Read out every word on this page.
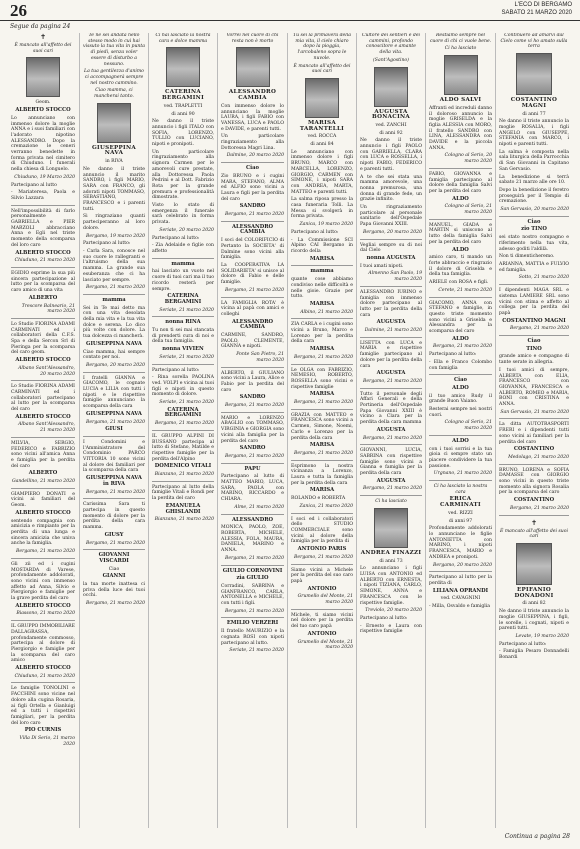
26	L'ECO DI BERGAMO
SABATO 21 MARZO 2020
Segue da pagina 24

✝

È mancato all'affetto dei suoi cari

Geom.

ALBERTO STOCCO

Lo annunciano con immenso dolore la moglie ANNA e i suoi familiari con l'adorato nipotino ALESSANDRO. Dopo la cremazione le ceneri verranno benedette in forma privata nel cimitero di Chiuduno. I funerali nella chiesa di Longuelo.

Chiuduno, 19 Marzo 2020

Partecipano al lutto

- Mariateresa, Paola e Silvio Lazzara

Nell'impossibilità di farlo personalmente GABRIELLA e PIER MARZOLI abbracciano Anna e Egli nel triste momento della scomparsa del loro caro

ALBERTO STOCCO

Chiuduno, 21 marzo 2020

EGIDIO esprime la sua più sincera partecipazione al lutto per la scomparsa del caro amico di una vita

ALBERTO

Trescore Balneario, 21 marzo 2020

Lo Studio FIORINA ADAMI CARMINATI ed i collaboratori della C.F.S. Spa e della Sercon Srl di Pieringa per la scomparsa del caro geom.

ALBERTO STOCCO

Albano Sant'Alessandro, 20 marzo 2020

Lo Studio FIORINA ADAMI CARMINATI ed i collaboratori partecipano al lutto per la scomparsa del caro

ALBERTO STOCCO

Albano Sant'Alessandro, 21 marzo 2020

MILVIA, SERGIO, FEDERICO e FABRIZIO sono vicini all'amica Anna e famiglia per la perdita del caro

ALBERTO

Gandellino, 21 marzo 2020

GIAMPIERO DONATI e vicini ai familiari del Geom.

ALBERTO STOCCO

sentendo compagnia con amicizia e rimpianto per la perdita di una lunga e sincera amicizia che univa anche la famiglia.

Bergamo, 21 marzo 2020

Gli zii ed i cugini MOSTARDA di Varese, profondamente addolorati, sono vicini con immenso affetto ad Anna, Silvio e Piergiorgio e famiglie per la grave perdita del caro

ALBERTO STOCCO

Biassono, 21 marzo 2020

IL GRUPPO IMMOBILIARE DALLAGRASSA, profondamente commosso, partecipa al dolore di Piergiorgio e famiglie per la scomparsa del caro amico

ALBERTO STOCCO

Chiuduno, 21 marzo 2020

Le famiglie TONOLINI e FACCHINI sono vicine nel dolore alla cugina Rosaria, ai figli Ortella e Gianluigi ed a tutti i rispettivi famigliari, per la perdita del loro caro

PIO CURNIS

Villa Di Serio, 21 marzo 2020

Te ne sei andata nello stesso modo in cui hai vissuto la tua vita in punta di piedi, senza voler essere di disturbo a nessuno.

La tua gentilezza d'animo ci accompagnerà sempre nel nostro cammino.

Ciao mamma, ci mancherai tanto.

GIUSEPPINA NAVA

in RIVA

Ne danno il triste annuncio il marito SANDRO, i figli MARIO, SARA con FRANCO, gli adorati nipoti TOMMASO, SEBASTIANO, FRANCESCO e i parenti tutti.

Si ringraziano quanti parteciperanno al loro dolore.

Bergamo, 19 marzo 2020

Partecipano al lutto:

- Carla Sara, conosce nel suo cuore le rallegranti e l'altruismo della sua mamma. La grande sua esuberanza che ci ha lasciato per sempre.

Bergamo, 21 marzo 2020

mamma

Sei in Te mai detto ma con una vita desolata della mia vita e la tua vita dolce e serena. Lo dico più volte con dolore. La tua dolcezza ci mancherà.

GIUSEPPINA NAVA

Ciao mamma, hai sempre contato per noi.

Bergamo, 20 marzo 2020

I fratelli GIANNA e GIACOMO, le cognate LUCIA e LILIA con tutti i nipoti e le rispettive famiglie annunciano la scomparsa della cara

GIUSEPPINA NAVA

Bergamo, 21 marzo 2020

GIUSI

I Condomini e l'Amministratore del Condominio PARCO VITTORIA 10 sono vicini al dolore dei familiari per la scomparsa della cara

GIUSEPPINA NAVA in RIVA

Bergamo, 21 marzo 2020

Carissima Sara ti partecipa in questo momento di dolore per la perdita della cara mamma.

GIUSY

Bergamo, 21 marzo 2020

GIOVANNI VISCARDI

Ciao

GIANNI

la tua morte inattesa ci priva della luce dei tuoi occhi.

Bergamo, 21 marzo 2020

Ci hai lasciato la nostra cara e dolce mamma

CATERINA BERGAMINI

ved. TRAPLETTI

di anni 90

Ne danno il triste annuncio i figli ITALO con SOFIA, LORENZO, TULLIO con LUCIANO, nipoti e pronipoti.

Un particolare ringraziamento alla signora Carmen per le amorevoli cure prestate, alla Dottoressa Paola Pedrini e al Dott. Fabrizio Rota per la grande premura e professionalità dimostrate.

Visto lo stato di emergenza il funerale sarà celebrato in forma privata.

Seriate, 20 marzo 2020

Partecipano al lutto:

- Zia Adelaide e figlie con affetto

mamma

hai lasciato un vuoto nel cuore di tuoi cari ma il tuo ricordo resterà per sempre.

CATERINA BERGAMINI

Seriate, 21 marzo 2020

nonna RINA

Tu non ti sei mai stancata di prenderti cura di noi e della tua famiglia.

nonna VIVIEN

Seriate, 21 marzo 2020

Partecipano al lutto:

- Rina sorella PAOLINA ved. VOLPI e vicina ai tuoi figli e nipoti in questo momento di dolore.

Seriate, 21 marzo 2020

CATERINA BERGAMINI

Bergamo, 21 marzo 2020

IL GRUPPO ALPINI DI BUSSANO partecipa al lutto di Stefano, Matilde e rispettive famiglie per la perdita dell'Alpino

DOMENICO VITALI

Bianzano, 21 marzo 2020

Partecipano al lutto della famiglie Vitali e Rondi per la perdita del caro

EMANUELA GHISLANDI

Bianzano, 21 marzo 2020

Vorrei nel cuore di chi resta non è morto

ALESSANDRO CAMBIA

Con immenso dolore lo annunciano la moglie LAURA, i figli FABIO con VANESSA, LUCA e PAOLO e DAVIDE, e parenti tutti.

Un particolare ringraziamento alla Dottoressa Magri Lina.

Dalmine, 20 marzo 2020

Ciao

Zio BRUNO e i cugini MARA, STEFANO, ALMA ed ALFIO sono vicini a Laura e figli per la perdita del caro

SANDRO

Bergamo, 21 marzo 2020

ALESSANDRO CAMBIA

I soci del COLORIFICIO di Pertanto la SOCIETA' di Dalmine sono vicini alla famiglia.

La COOPERATIVA LA SOLIDARIETA' si unisce al dolore di Fabio e delle famiglie.

Bergamo, 21 marzo 2020

LA FAMIGLIA ROTA' è vicina al papà con amici e colleghi

ALESSANDRO CAMBIA

CARMINE, SANDRO, PAOLO, CLEMENTE, GIANNA e nipoti.

Ponte San Pietro, 21 marzo 2020

ALBERTO, il GIULIANO sono vicini a Laura, Alice e Fabio per la perdita del caro

SANDRO

Bergamo, 21 marzo 2020

MARIO e LORENZO ABAGLIO con TOMMASO, VIRGINIA e GIORGIA sono vicini alla famiglia per la perdita del caro

SANDRO

Bergamo, 21 marzo 2020

PAPU

Partecipano al lutto di MATTEO MARIO, LUCA, SARA, PAOLA con MARINO, RICCARDO e CHIARA.

Alme, 21 marzo 2020

ALESSANDRO

MONICA, PAOLO, ZOE, ROBERTA, MICHELE, ALESSIA, FOLA, MAURA, DANIELA, MARINO e ANNA.

Bergamo, 21 marzo 2020

GIULIO CORNOVINI

zia GIULIO

Corradini, SABRINA e GIANFRANCO, CARLA, ANTONELLA e MICHELE, con tutti i figli.

Bergamo, 21 marzo 2020

EMILIO VERZERI

Il fratello MAURIZIO e la cognata ROSI con nipoti partecipano al lutto.

Seriate, 21 marzo 2020

Tu sei la primavera della mia vita, il cielo chiaro dopo la pioggia, l'arcobaleno sopra le nuvole.

È mancato all'affetto dei suoi cari

MARISA TARANTELLI

ved. ROCCA

di anni 84

Le annunciano con immenso dolore i figli BRUNO, MARCO con MARCELLA, LORENZO, GIORGIO, CARMEN con SIMONE, i nipoti SARA con ANDREA, MARTA, MATTEO e parenti tutti.

La salma riposa presso la casa funeraria Tolli. La Messa si svolgerà in forma privata.

Zanica, 19 marzo 2020

Partecipano al lutto:

- La Commissione SCI Alpino CAI Bergamo in ricordo della

MARISA

mamma

quante cose abbiamo condiviso nelle difficoltà e nelle gioie. Grazie per tutto.

MARISA

Albino, 21 marzo 2020

ZIA CARLA e i cugini sono vicini a Bruno, Marco e Lorenzo per la perdita della cara

MARISA

Bergamo, 21 marzo 2020

Le OLGA con FABRIZIO, NEMESIO, ROBERTO, ROSSELLA sono vicini e rispettive famiglie

MARISA

Bergamo, 21 marzo 2020

GRAZIA con MATTEO e FRANCESCA sono vicini a Carmen, Simone, Noemi, Carlo e Lorenzo per la perdita della cara

MARISA

Bergamo, 21 marzo 2020

Esprimono la nostra vicinanza a Lorenzo, Laura e tutta la famiglia per la perdita della cara

MARISA

ROLANDO e ROBERTA

Zanica, 21 marzo 2020

I soci ed i collaboratori dello STUDIO COMMERCIALE sono vicini al dolore della famiglia per la perdita di

ANTONIO PARIS

Bergamo, 21 marzo 2020

Siamo vicini a Michele per la perdita del suo caro papà

ANTONIO

Grumello del Monte, 21 marzo 2020

Michele, ti siamo vicini nel dolore per la perdita del tuo caro papà

ANTONIO

Grumello del Monte, 21 marzo 2020

Cultore dei sentieri e dei cammini, profondo conoscitore e amante della vita.

(Sant'Agostino)

AUGUSTA BONACINA

ved. ZANCHI

di anni 92

Ne danno il triste annuncio i figli PAOLO con GABRIELLA, CLARA con LUCA e ROSSELLA, i nipoti FABIO, FEDERICO e parenti tutti.

A te che sei stata una mamma amorevole, una nonna premurosa, una donna di grande fede, un grazie infinito.

Un ringraziamento particolare al personale sanitario dell'Ospedale Papa Giovanni XXIII.

Bergamo, 20 marzo 2020

Vegliai sempre su di noi dal Cielo

nonna AUGUSTA

I tuoi amati nipoti.

Almenno San Paolo, 19 marzo 2020

ALESSANDRO IURINO e famiglia con immenso dolore partecipano al lutto per la perdita della cara

AUGUSTA

Dalmine, 21 marzo 2020

LISETTA con LUCA e MARIA e rispettive famiglie partecipano al dolore per la perdita della cara

AUGUSTA

Bergamo, 21 marzo 2020

Tutto il personale degli Affari Generali e della Portineria dell'Ospedale Papa Giovanni XXIII è vicino a Clara per la perdita della cara mamma

AUGUSTA

Bergamo, 21 marzo 2020

GIOVANNI, LUCIA, SABRINA con rispettive famiglie sono vicini a Gianna e famiglia per la perdita della cara

AUGUSTA

Bergamo, 21 marzo 2020

Ci ha lasciato

ANDREA FINAZZI

di anni 73

Lo annunciano i figli LUISA con ANTONIO ed ALBERTO con ERNESTA, i nipoti TIZIANA, CARLO, SIMONE, ANNA e FRANCESCA con le rispettive famiglie.

Treviolo, 20 marzo 2020

Partecipano al lutto:

- Ernesto e Laura con rispettive famiglie

Restiamo sempre nel cuore di chi ci vuole bene.

Ci ha lasciato

ALDO SALVI

Affranti ed increduli danno il doloroso annuncio la moglie GRISELDA e la figlia ALESSIA con MORO, il fratello SANDRO con LINA, ALESSANDRA con DAVIDE e la piccola ANNA.

Cologno al Serio, 20 marzo 2020

FABIO, GIOVANNA e famiglia partecipano al dolore della famiglia Salvi per la perdita del caro

ALDO

Cologno al Serio, 21 marzo 2020

MANUEL, GIADA e MARTIN si uniscono al lutto della famiglia Salvi per la perdita del caro

ALDO

amico caro, ti mando un forte abbraccio e ringrazio il dolore di Griselda e della tua famiglia.

ARIELE con ROSA e figli.

Cerete, 21 marzo 2020

GIACOMO, ANNA con STEFANO e famiglie, in questo triste momento sono vicini a Griselda e Alessandra per la scomparsa del caro

ALDO

Bergamo, 21 marzo 2020

Partecipano al lutto:

- Ella e Franco Colombo con famiglia

Ciao

ALDO

il tuo amico Rudy il grande Buon Vaiano.

Resterai sempre nei nostri cuori.

Cologno al Serio, 21 marzo 2020

ALDO

con i tuoi sorrisi e la tua gioia ci sempre stato un piacere condividere la tua passione.

Urgnano, 21 marzo 2020

Ci ha lasciato la nostra cara

ERICA CARMINATI

ved. RIZZI

di anni 97

Profondamente addolorati lo annunciano le figlie ANTONIETTA con MARINO, i nipoti FRANCESCA, MARIO e ANDREA e pronipoti.

Bergamo, 20 marzo 2020

Partecipano al lutto per la perdita di

LILIANA OPRANDI

ved. CAVAGNINI

- Milla, Osvaldo e famiglia

Continuerò ad amarvi dal Cielo come vi ho amato sulla terra

COSTANTINO MAGNI

di anni 77

Ne danno il triste annuncio la moglie ROSALIA, i figli ANGELO con GIUSEPPE, STEFANIA con MARCO, i nipoti e parenti tutti.

La salma è composta nella sala liturgica della Parrocchia di San Giovanni in Capitano San Gervasio.

La benedizione si terrà sabato 21 marzo alle ore 10.

Dopo la benedizione il feretro proseguirà per il Tempio di cremazione.

San Gervasio, 20 marzo 2020

Ciao

zio TINO

sei stato nostro compagno e riferimento nella tua vita, adesso goditi l'aldilà.

Non ti dimenticheremo.

ARIANNA, MATTIA e FULVIO ed famiglia.

Sotto, 21 marzo 2020

I dipendenti MAGA SRL e sistema LAMIERE SRL sono vicini con stima e affetto al collega per la perdita del papà

COSTANTINO MAGNI

Bergamo, 21 marzo 2020

Ciao

TINO

grande amico e compagno di tante serate in allegria.

I tuoi amici di sempre, ALBERTA con ELIA, FRANCESCO con GIOVANNA, FRANCESCA e ALBERTO, ROMEO e MARIA, BONI con CRISTINA e ANNA.

San Gervasio, 21 marzo 2020

La ditta AUTOTRASPORTI FRERI e i dipendenti tutti sono vicini ai familiari per la perdita del caro

COSTANTINO

Medolago, 21 marzo 2020

BRUNO, LORENA e SOFIA DAMASSE con GIORGIO sono vicini in questo triste momento alla signora Rosalia per la scomparsa del caro

COSTANTINO

Bergamo, 21 marzo 2020

✝

È mancato all'affetto dei suoi cari

EPIFANIO DONADONI

di anni 82

Ne danno il triste annuncio la moglie GIUSEPPINA, i figli, le sorelle, i cognati, nipoti e parenti tutti.

Levate, 19 marzo 2020

Partecipano al lutto:

- Famiglia Pesaro Donnadelli Bonardi

Continua a pagina 28
